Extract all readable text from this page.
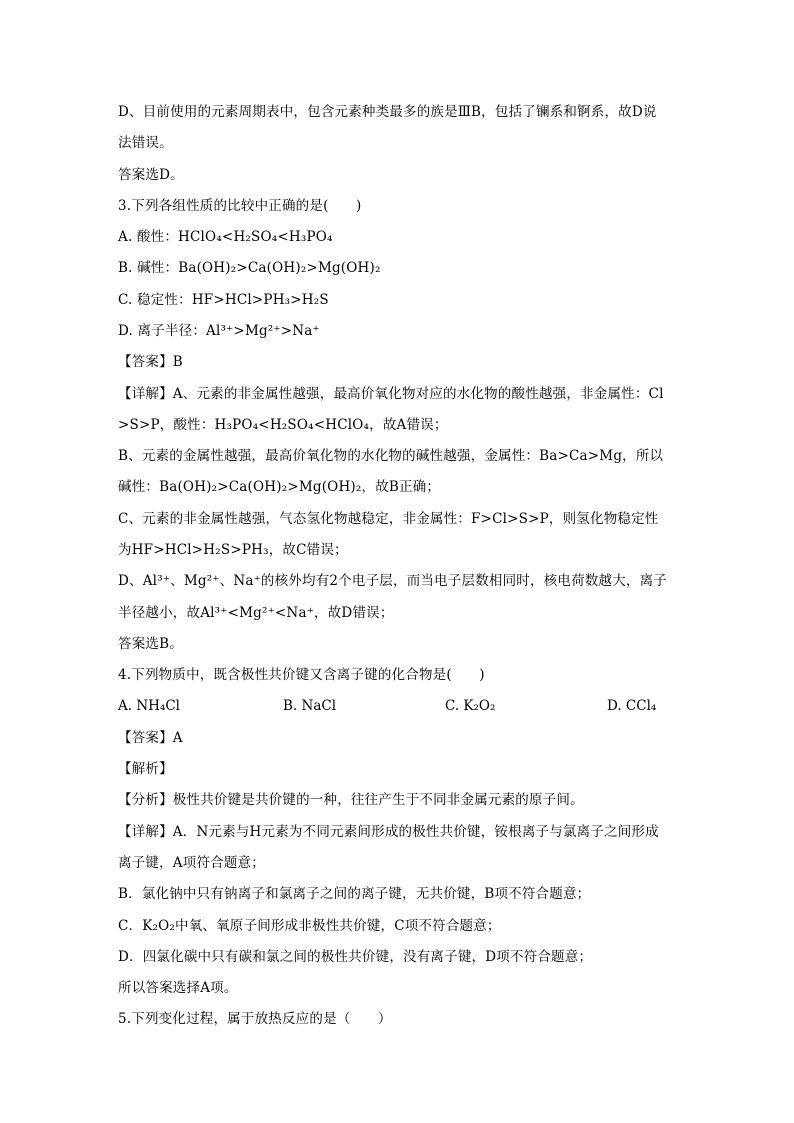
D、目前使用的元素周期表中，包含元素种类最多的族是ⅢB，包括了镧系和锕系，故D说
法错误。
答案选D。
3.下列各组性质的比较中正确的是(　　)
A. 酸性：HClO₄<H₂SO₄<H₃PO₄
B. 碱性：Ba(OH)₂>Ca(OH)₂>Mg(OH)₂
C. 稳定性：HF>HCl>PH₃>H₂S
D. 离子半径：Al³⁺>Mg²⁺>Na⁺
【答案】B
【详解】A、元素的非金属性越强，最高价氧化物对应的水化物的酸性越强，非金属性：Cl
>S>P，酸性：H₃PO₄<H₂SO₄<HClO₄，故A错误；
B、元素的金属性越强，最高价氧化物的水化物的碱性越强，金属性：Ba>Ca>Mg，所以
碱性：Ba(OH)₂>Ca(OH)₂>Mg(OH)₂，故B正确；
C、元素的非金属性越强，气态氢化物越稳定，非金属性：F>Cl>S>P，则氢化物稳定性
为HF>HCl>H₂S>PH₃，故C错误；
D、Al³⁺、Mg²⁺、Na⁺的核外均有2个电子层，而当电子层数相同时，核电荷数越大，离子
半径越小，故Al³⁺<Mg²⁺<Na⁺，故D错误；
答案选B。
4.下列物质中，既含极性共价键又含离子键的化合物是(　　)
A. NH₄Cl	B. NaCl	C. K₂O₂	D. CCl₄
【答案】A
【解析】
【分析】极性共价键是共价键的一种，往往产生于不同非金属元素的原子间。
【详解】A．N元素与H元素为不同元素间形成的极性共价键，铵根离子与氯离子之间形成
离子键，A项符合题意；
B．氯化钠中只有钠离子和氯离子之间的离子键，无共价键，B项不符合题意；
C．K₂O₂中氧、氧原子间形成非极性共价键，C项不符合题意；
D．四氯化碳中只有碳和氯之间的极性共价键，没有离子键，D项不符合题意；
所以答案选择A项。
5.下列变化过程，属于放热反应的是（　　）
